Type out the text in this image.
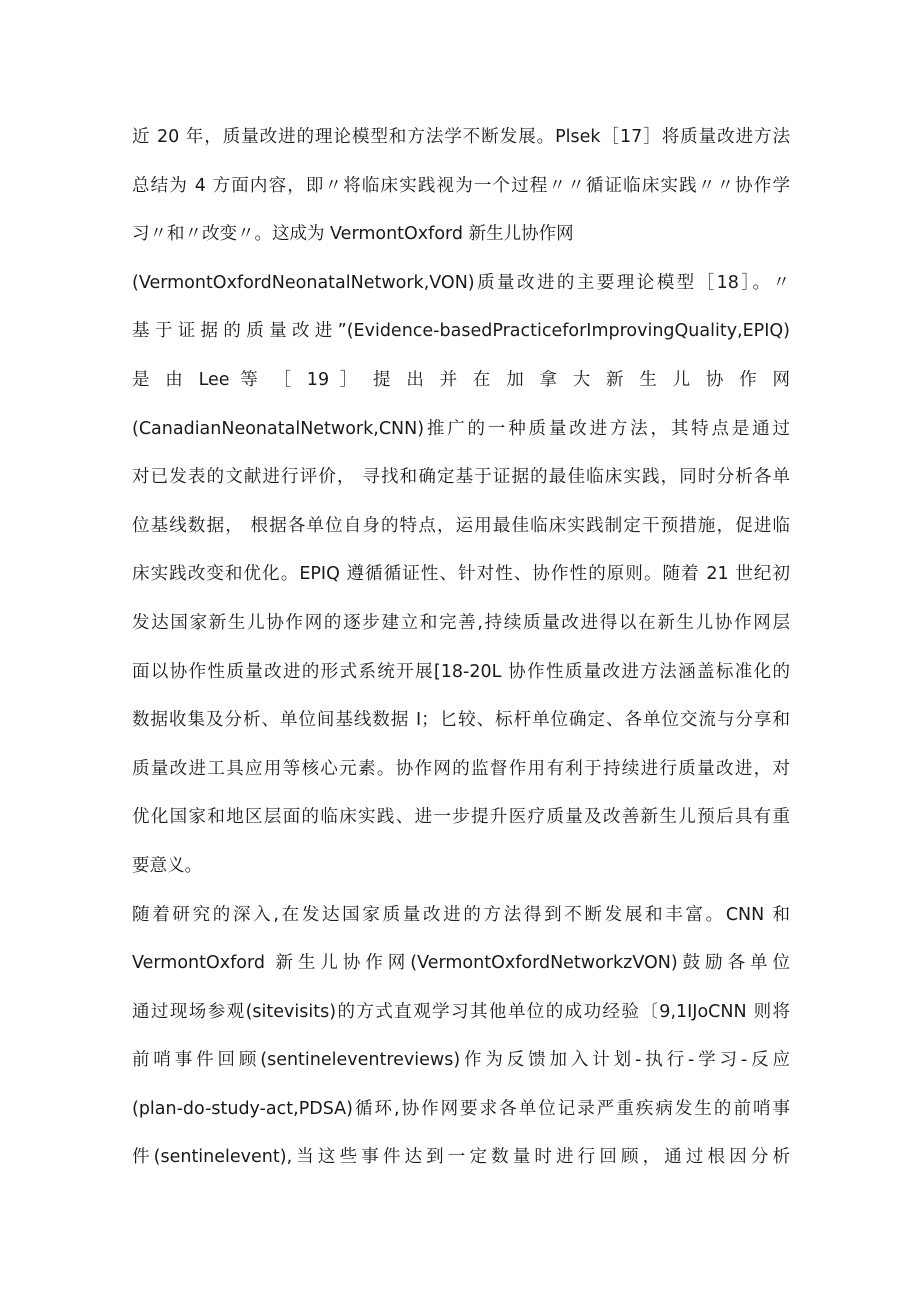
近 20 年，质量改进的理论模型和方法学不断发展。Plsek［17］将质量改进方法
总结为 4 方面内容，即〃将临床实践视为一个过程〃〃循证临床实践〃〃协作学
习〃和〃改变〃。这成为 VermontOxford 新生儿协作网
(VermontOxfordNeonatalNetwork,VON)质量改进的主要理论模型［18］。〃
基于证据的质量改进”(Evidence-basedPracticeforImprovingQuality,EPIQ)
是 由 Lee 等 ［ 19 ］ 提 出 并 在 加 拿 大 新 生 儿 协 作 网
(CanadianNeonatalNetwork,CNN)推广的一种质量改进方法，其特点是通过
对已发表的文献进行评价， 寻找和确定基于证据的最佳临床实践，同时分析各单
位基线数据， 根据各单位自身的特点，运用最佳临床实践制定干预措施，促进临
床实践改变和优化。EPIQ 遵循循证性、针对性、协作性的原则。随着 21 世纪初
发达国家新生儿协作网的逐步建立和完善,持续质量改进得以在新生儿协作网层
面以协作性质量改进的形式系统开展[18-20L 协作性质量改进方法涵盖标准化的
数据收集及分析、单位间基线数据 I；匕较、标杆单位确定、各单位交流与分享和
质量改进工具应用等核心元素。协作网的监督作用有利于持续进行质量改进，对
优化国家和地区层面的临床实践、进一步提升医疗质量及改善新生儿预后具有重
要意义。
随着研究的深入,在发达国家质量改进的方法得到不断发展和丰富。CNN 和
VermontOxford 新生儿协作网(VermontOxfordNetworkzVON)鼓励各单位
通过现场参观(sitevisits)的方式直观学习其他单位的成功经验〔9,1IJoCNN 则将
前哨事件回顾(sentineleventreviews)作为反馈加入计划-执行-学习-反应
(plan-do-study-act,PDSA)循环,协作网要求各单位记录严重疾病发生的前哨事
件(sentinelevent),当这些事件达到一定数量时进行回顾，通过根因分析
